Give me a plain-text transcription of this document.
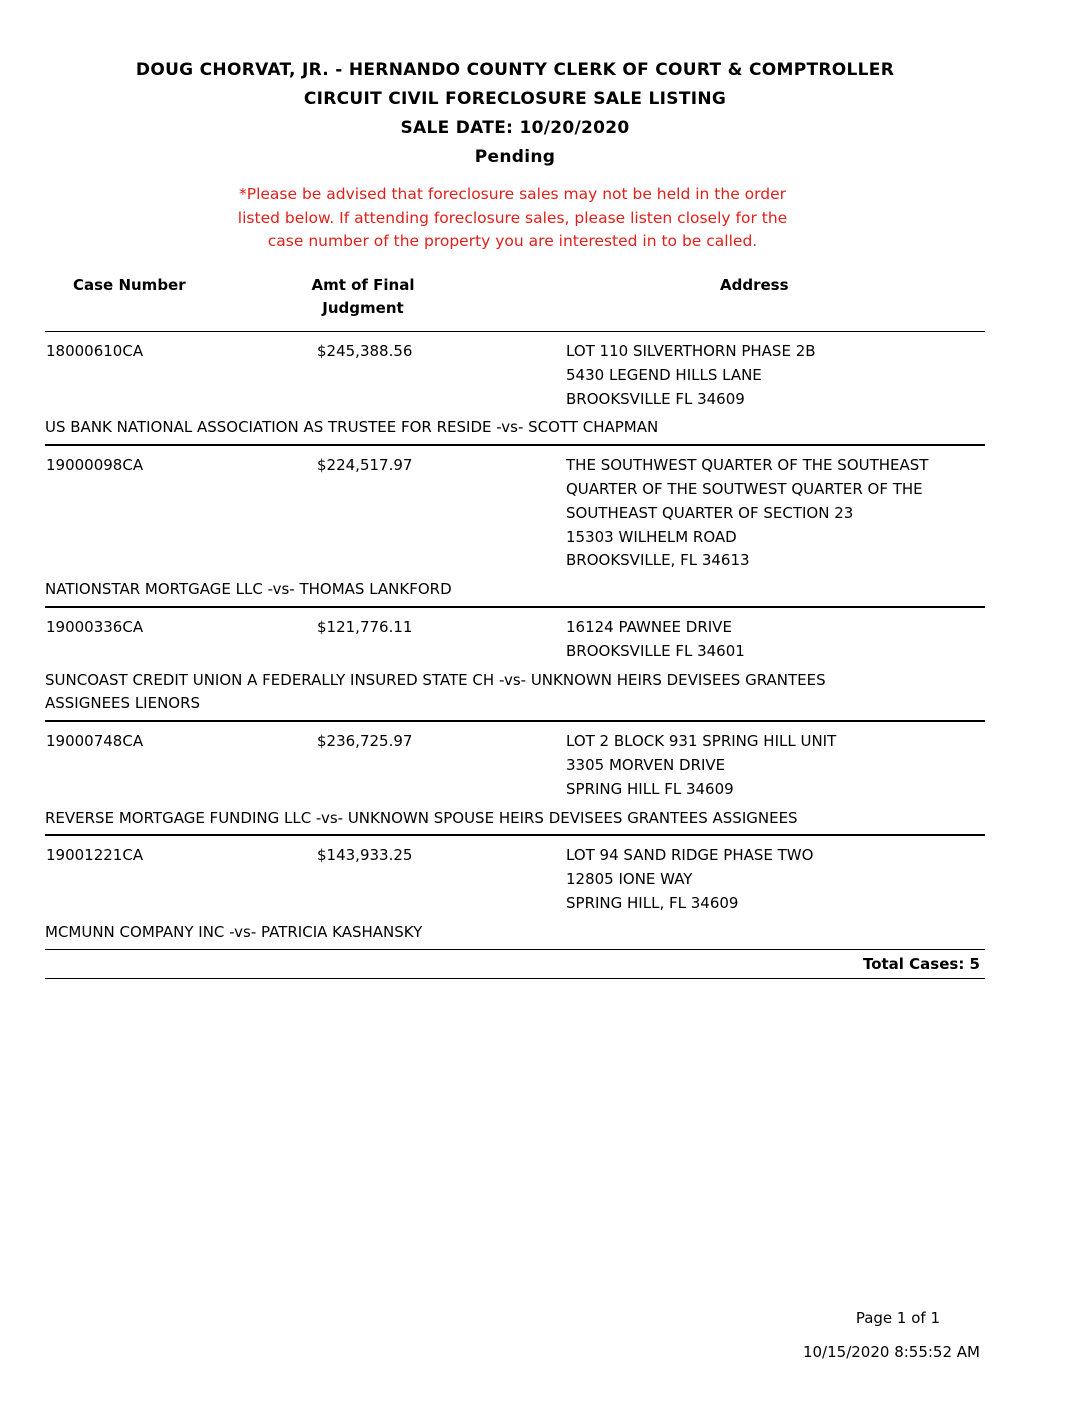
DOUG CHORVAT, JR. - HERNANDO COUNTY CLERK OF COURT & COMPTROLLER
CIRCUIT CIVIL FORECLOSURE SALE LISTING
SALE DATE: 10/20/2020
Pending
*Please be advised that foreclosure sales may not be held in the order
listed below. If attending foreclosure sales, please listen closely for the
case number of the property you are interested in to be called.
Case Number	Amt of Final
Judgment
Address
18000610CA	$245,388.56	LOT 110 SILVERTHORN PHASE 2B
5430 LEGEND HILLS LANE
BROOKSVILLE FL 34609
US BANK NATIONAL ASSOCIATION AS TRUSTEE FOR RESIDE -vs- SCOTT CHAPMAN
19000098CA	$224,517.97	THE SOUTHWEST QUARTER OF THE SOUTHEAST
QUARTER OF THE SOUTWEST QUARTER OF THE
SOUTHEAST QUARTER OF SECTION 23
15303 WILHELM ROAD
BROOKSVILLE, FL 34613
NATIONSTAR MORTGAGE LLC -vs- THOMAS LANKFORD
19000336CA	$121,776.11	16124 PAWNEE DRIVE
BROOKSVILLE FL 34601
SUNCOAST CREDIT UNION A FEDERALLY INSURED STATE CH -vs- UNKNOWN HEIRS DEVISEES GRANTEES ASSIGNEES LIENORS
19000748CA	$236,725.97	LOT 2 BLOCK 931 SPRING HILL UNIT
3305 MORVEN DRIVE
SPRING HILL FL 34609
REVERSE MORTGAGE FUNDING LLC -vs- UNKNOWN SPOUSE HEIRS DEVISEES GRANTEES ASSIGNEES
19001221CA	$143,933.25	LOT 94 SAND RIDGE PHASE TWO
12805 IONE WAY
SPRING HILL, FL 34609
MCMUNN COMPANY INC -vs- PATRICIA KASHANSKY
Total Cases: 5
Page 1 of 1
10/15/2020 8:55:52 AM
